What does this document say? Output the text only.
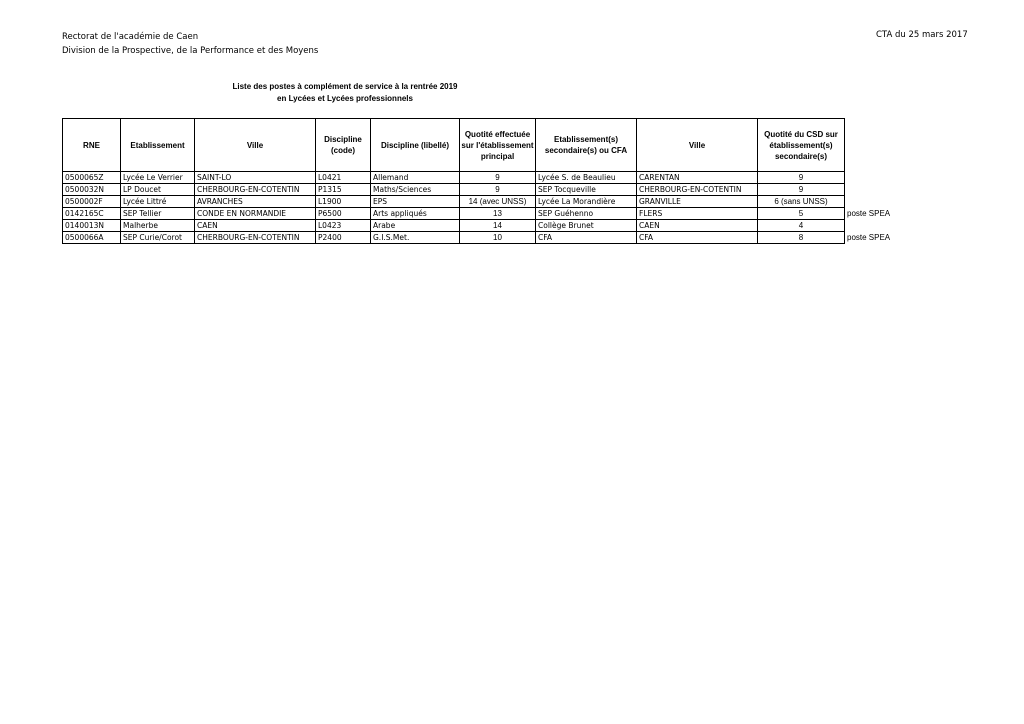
Rectorat de l'académie de Caen
Division de la Prospective, de la Performance et des Moyens
CTA du 25 mars 2017
Liste des postes à complément de service à la rentrée 2019
en Lycées et Lycées professionnels
RNE	Etablissement	Ville	Discipline (code)	Discipline (libellé)	Quotité effectuée sur l'établissement principal	Etablissement(s) secondaire(s) ou CFA	Ville	Quotité du CSD sur établissement(s) secondaire(s)	
0500065Z	Lycée Le Verrier	SAINT-LO	L0421	Allemand	9	Lycée S. de Beaulieu	CARENTAN	9	
0500032N	LP Doucet	CHERBOURG-EN-COTENTIN	P1315	Maths/Sciences	9	SEP Tocqueville	CHERBOURG-EN-COTENTIN	9	
0500002F	Lycée Littré	AVRANCHES	L1900	EPS	14 (avec UNSS)	Lycée La Morandière	GRANVILLE	6 (sans UNSS)	
0142165C	SEP Tellier	CONDE EN NORMANDIE	P6500	Arts appliqués	13	SEP Guéhenno	FLERS	5	poste SPEA
0140013N	Malherbe	CAEN	L0423	Arabe	14	Collège Brunet	CAEN	4	
0500066A	SEP Curie/Corot	CHERBOURG-EN-COTENTIN	P2400	G.I.S.Met.	10	CFA	CFA	8	poste SPEA
